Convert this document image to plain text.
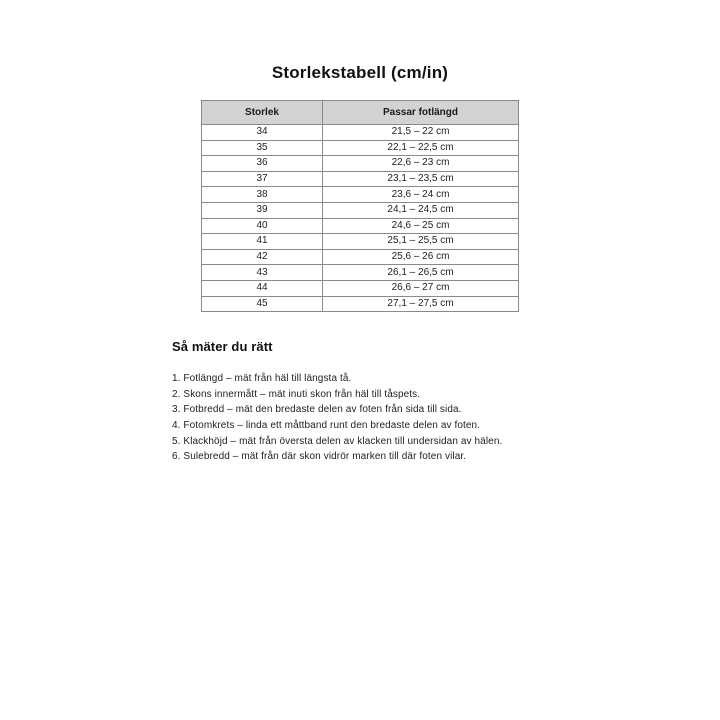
Storlekstabell (cm/in)
Storlek	Passar fotlängd
34	21,5 – 22 cm
35	22,1 – 22,5 cm
36	22,6 – 23 cm
37	23,1 – 23,5 cm
38	23,6 – 24 cm
39	24,1 – 24,5 cm
40	24,6 – 25 cm
41	25,1 – 25,5 cm
42	25,6 – 26 cm
43	26,1 – 26,5 cm
44	26,6 – 27 cm
45	27,1 – 27,5 cm
Så mäter du rätt
1. Fotlängd – mät från häl till längsta tå.
2. Skons innermått – mät inuti skon från häl till tåspets.
3. Fotbredd – mät den bredaste delen av foten från sida till sida.
4. Fotomkrets – linda ett måttband runt den bredaste delen av foten.
5. Klackhöjd – mät från översta delen av klacken till undersidan av hälen.
6. Sulebredd – mät från där skon vidrör marken till där foten vilar.
